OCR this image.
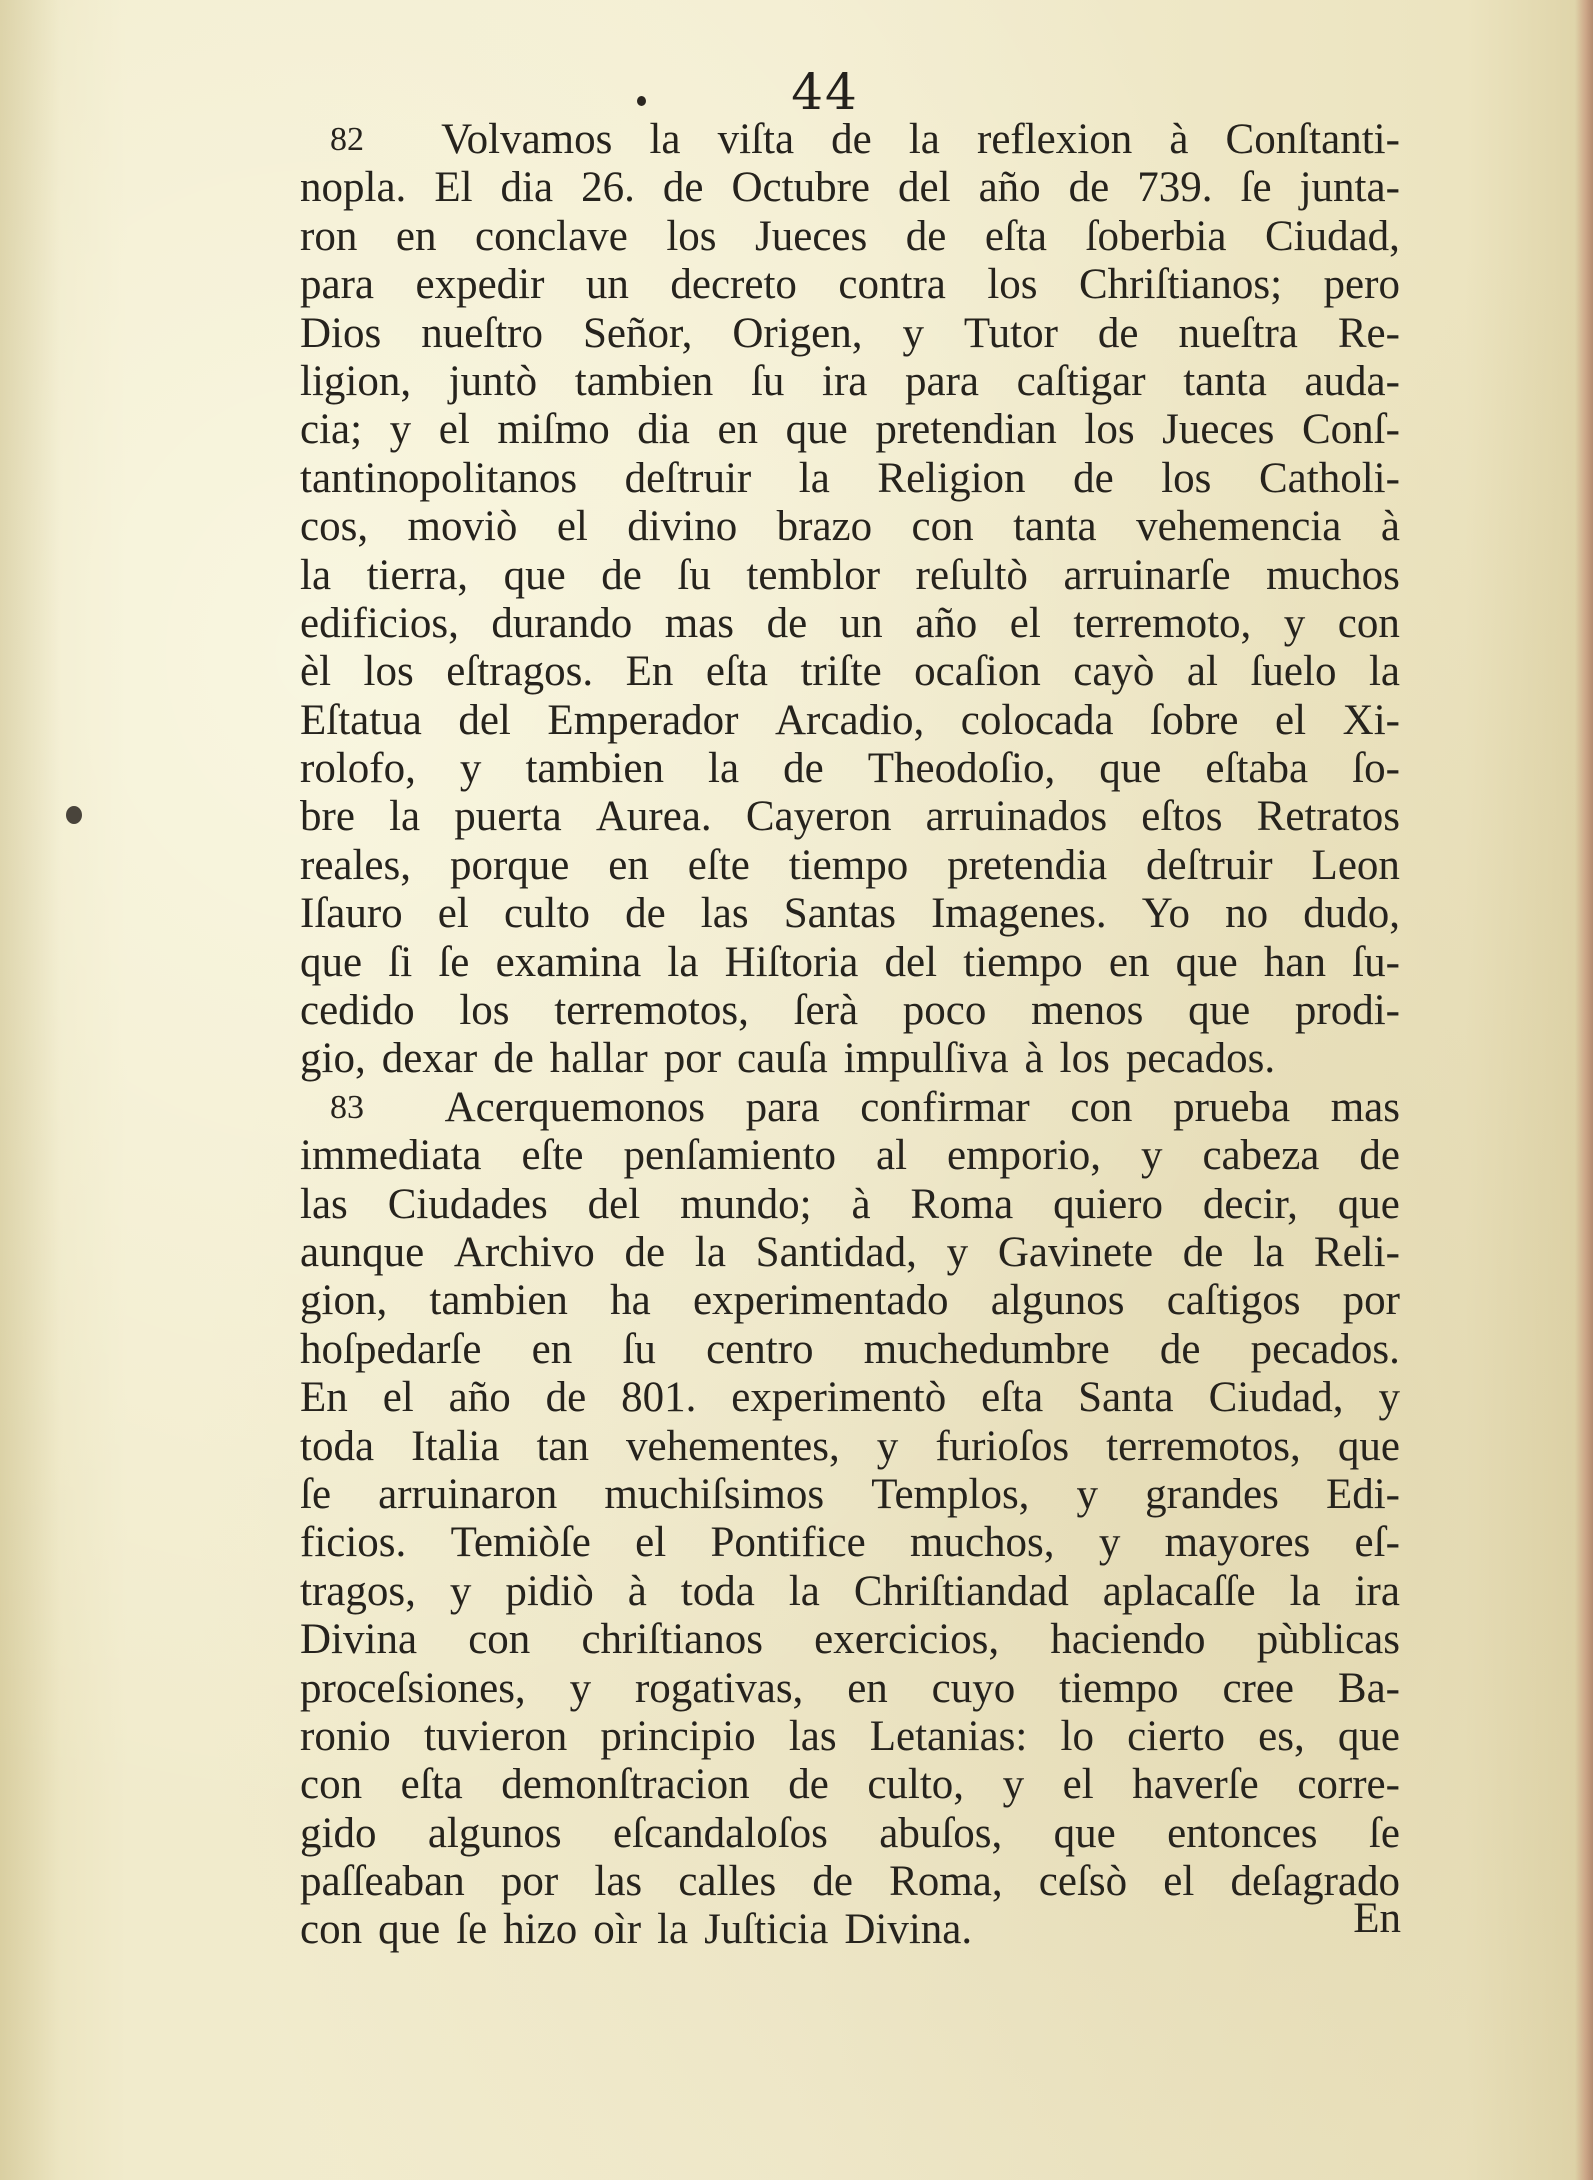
44
82 Volvamos la viſta de la reflexion à Conſtanti-
nopla. El dia 26. de Octubre del año de 739. ſe junta-
ron en conclave los Jueces de eſta ſoberbia Ciudad,
para expedir un decreto contra los Chriſtianos; pero
Dios nueſtro Señor, Origen, y Tutor de nueſtra Re-
ligion, juntò tambien ſu ira para caſtigar tanta auda-
cia; y el miſmo dia en que pretendian los Jueces Conſ-
tantinopolitanos deſtruir la Religion de los Catholi-
cos, moviò el divino brazo con tanta vehemencia à
la tierra, que de ſu temblor reſultò arruinarſe muchos
edificios, durando mas de un año el terremoto, y con
èl los eſtragos. En eſta triſte ocaſion cayò al ſuelo la
Eſtatua del Emperador Arcadio, colocada ſobre el Xi-
rolofo, y tambien la de Theodoſio, que eſtaba ſo-
bre la puerta Aurea. Cayeron arruinados eſtos Retratos
reales, porque en eſte tiempo pretendia deſtruir Leon
Iſauro el culto de las Santas Imagenes. Yo no dudo,
que ſi ſe examina la Hiſtoria del tiempo en que han ſu-
cedido los terremotos, ſerà poco menos que prodi-
gio, dexar de hallar por cauſa impulſiva à los pecados.
83 Acerquemonos para confirmar con prueba mas
immediata eſte penſamiento al emporio, y cabeza de
las Ciudades del mundo; à Roma quiero decir, que
aunque Archivo de la Santidad, y Gavinete de la Reli-
gion, tambien ha experimentado algunos caſtigos por
hoſpedarſe en ſu centro muchedumbre de pecados.
En el año de 801. experimentò eſta Santa Ciudad, y
toda Italia tan vehementes, y furioſos terremotos, que
ſe arruinaron muchiſsimos Templos, y grandes Edi-
ficios. Temiòſe el Pontifice muchos, y mayores eſ-
tragos, y pidiò à toda la Chriſtiandad aplacaſſe la ira
Divina con chriſtianos exercicios, haciendo pùblicas
proceſsiones, y rogativas, en cuyo tiempo cree Ba-
ronio tuvieron principio las Letanias: lo cierto es, que
con eſta demonſtracion de culto, y el haverſe corre-
gido algunos eſcandaloſos abuſos, que entonces ſe
paſſeaban por las calles de Roma, ceſsò el deſagrado
con que ſe hizo oìr la Juſticia Divina.	En
